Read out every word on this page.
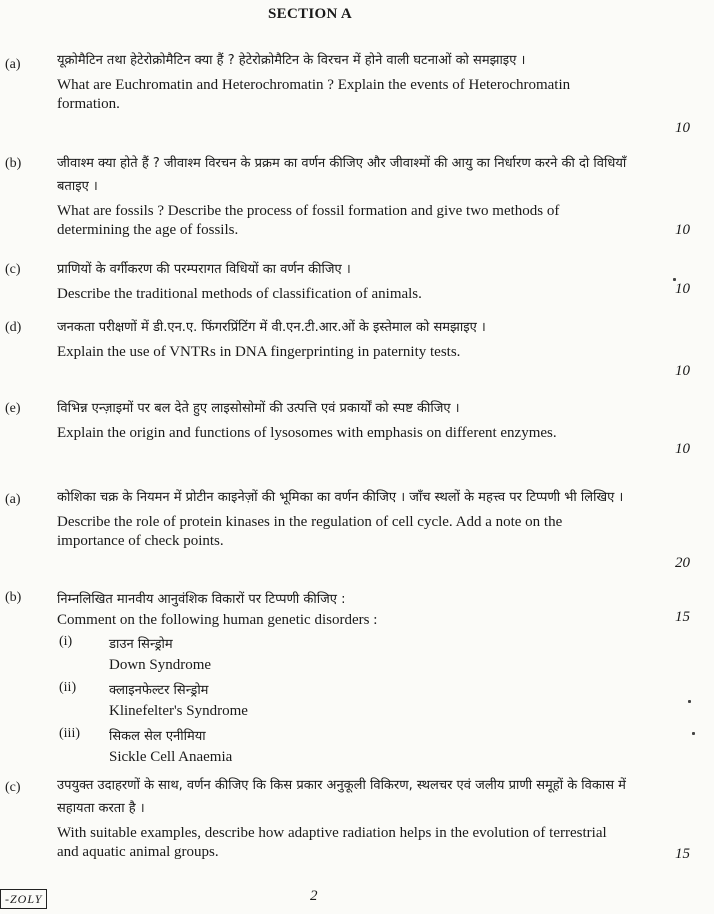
SECTION A
(a)	यूक्रोमैटिन तथा हेटेरोक्रोमैटिन क्या हैं ? हेटेरोक्रोमैटिन के विरचन में होने वाली घटनाओं को समझाइए ।

What are Euchromatin and Heterochromatin ? Explain the events of Heterochromatin formation.

10
(b)	जीवाश्म क्या होते हैं ? जीवाश्म विरचन के प्रक्रम का वर्णन कीजिए और जीवाश्मों की आयु का निर्धारण करने की दो विधियाँ बताइए ।

What are fossils ? Describe the process of fossil formation and give two methods of determining the age of fossils.	10
(c)	प्राणियों के वर्गीकरण की परम्परागत विधियों का वर्णन कीजिए ।

Describe the traditional methods of classification of animals.	10
(d)	जनकता परीक्षणों में डी.एन.ए. फिंगरप्रिंटिंग में वी.एन.टी.आर.ओं के इस्तेमाल को समझाइए ।

Explain the use of VNTRs in DNA fingerprinting in paternity tests.

10
(e)	विभिन्न एन्ज़ाइमों पर बल देते हुए लाइसोसोमों की उत्पत्ति एवं प्रकार्यों को स्पष्ट कीजिए ।

Explain the origin and functions of lysosomes with emphasis on different enzymes.

10
(a)	कोशिका चक्र के नियमन में प्रोटीन काइनेज़ों की भूमिका का वर्णन कीजिए । जाँच स्थलों के महत्त्व पर टिप्पणी भी लिखिए ।

Describe the role of protein kinases in the regulation of cell cycle. Add a note on the importance of check points.

20
(b)	निम्नलिखित मानवीय आनुवंशिक विकारों पर टिप्पणी कीजिए :

Comment on the following human genetic disorders :

(i)	डाउन सिन्ड्रोम
Down Syndrome
(ii)	क्लाइनफेल्टर सिन्ड्रोम
Klinefelter's Syndrome
(iii) सिकल सेल एनीमिया
Sickle Cell Anaemia
15
(c)	उपयुक्त उदाहरणों के साथ, वर्णन कीजिए कि किस प्रकार अनुकूली विकिरण, स्थलचर एवं जलीय प्राणी समूहों के विकास में सहायता करता है ।

With suitable examples, describe how adaptive radiation helps in the evolution of terrestrial and aquatic animal groups.	15
-ZOLY	2
